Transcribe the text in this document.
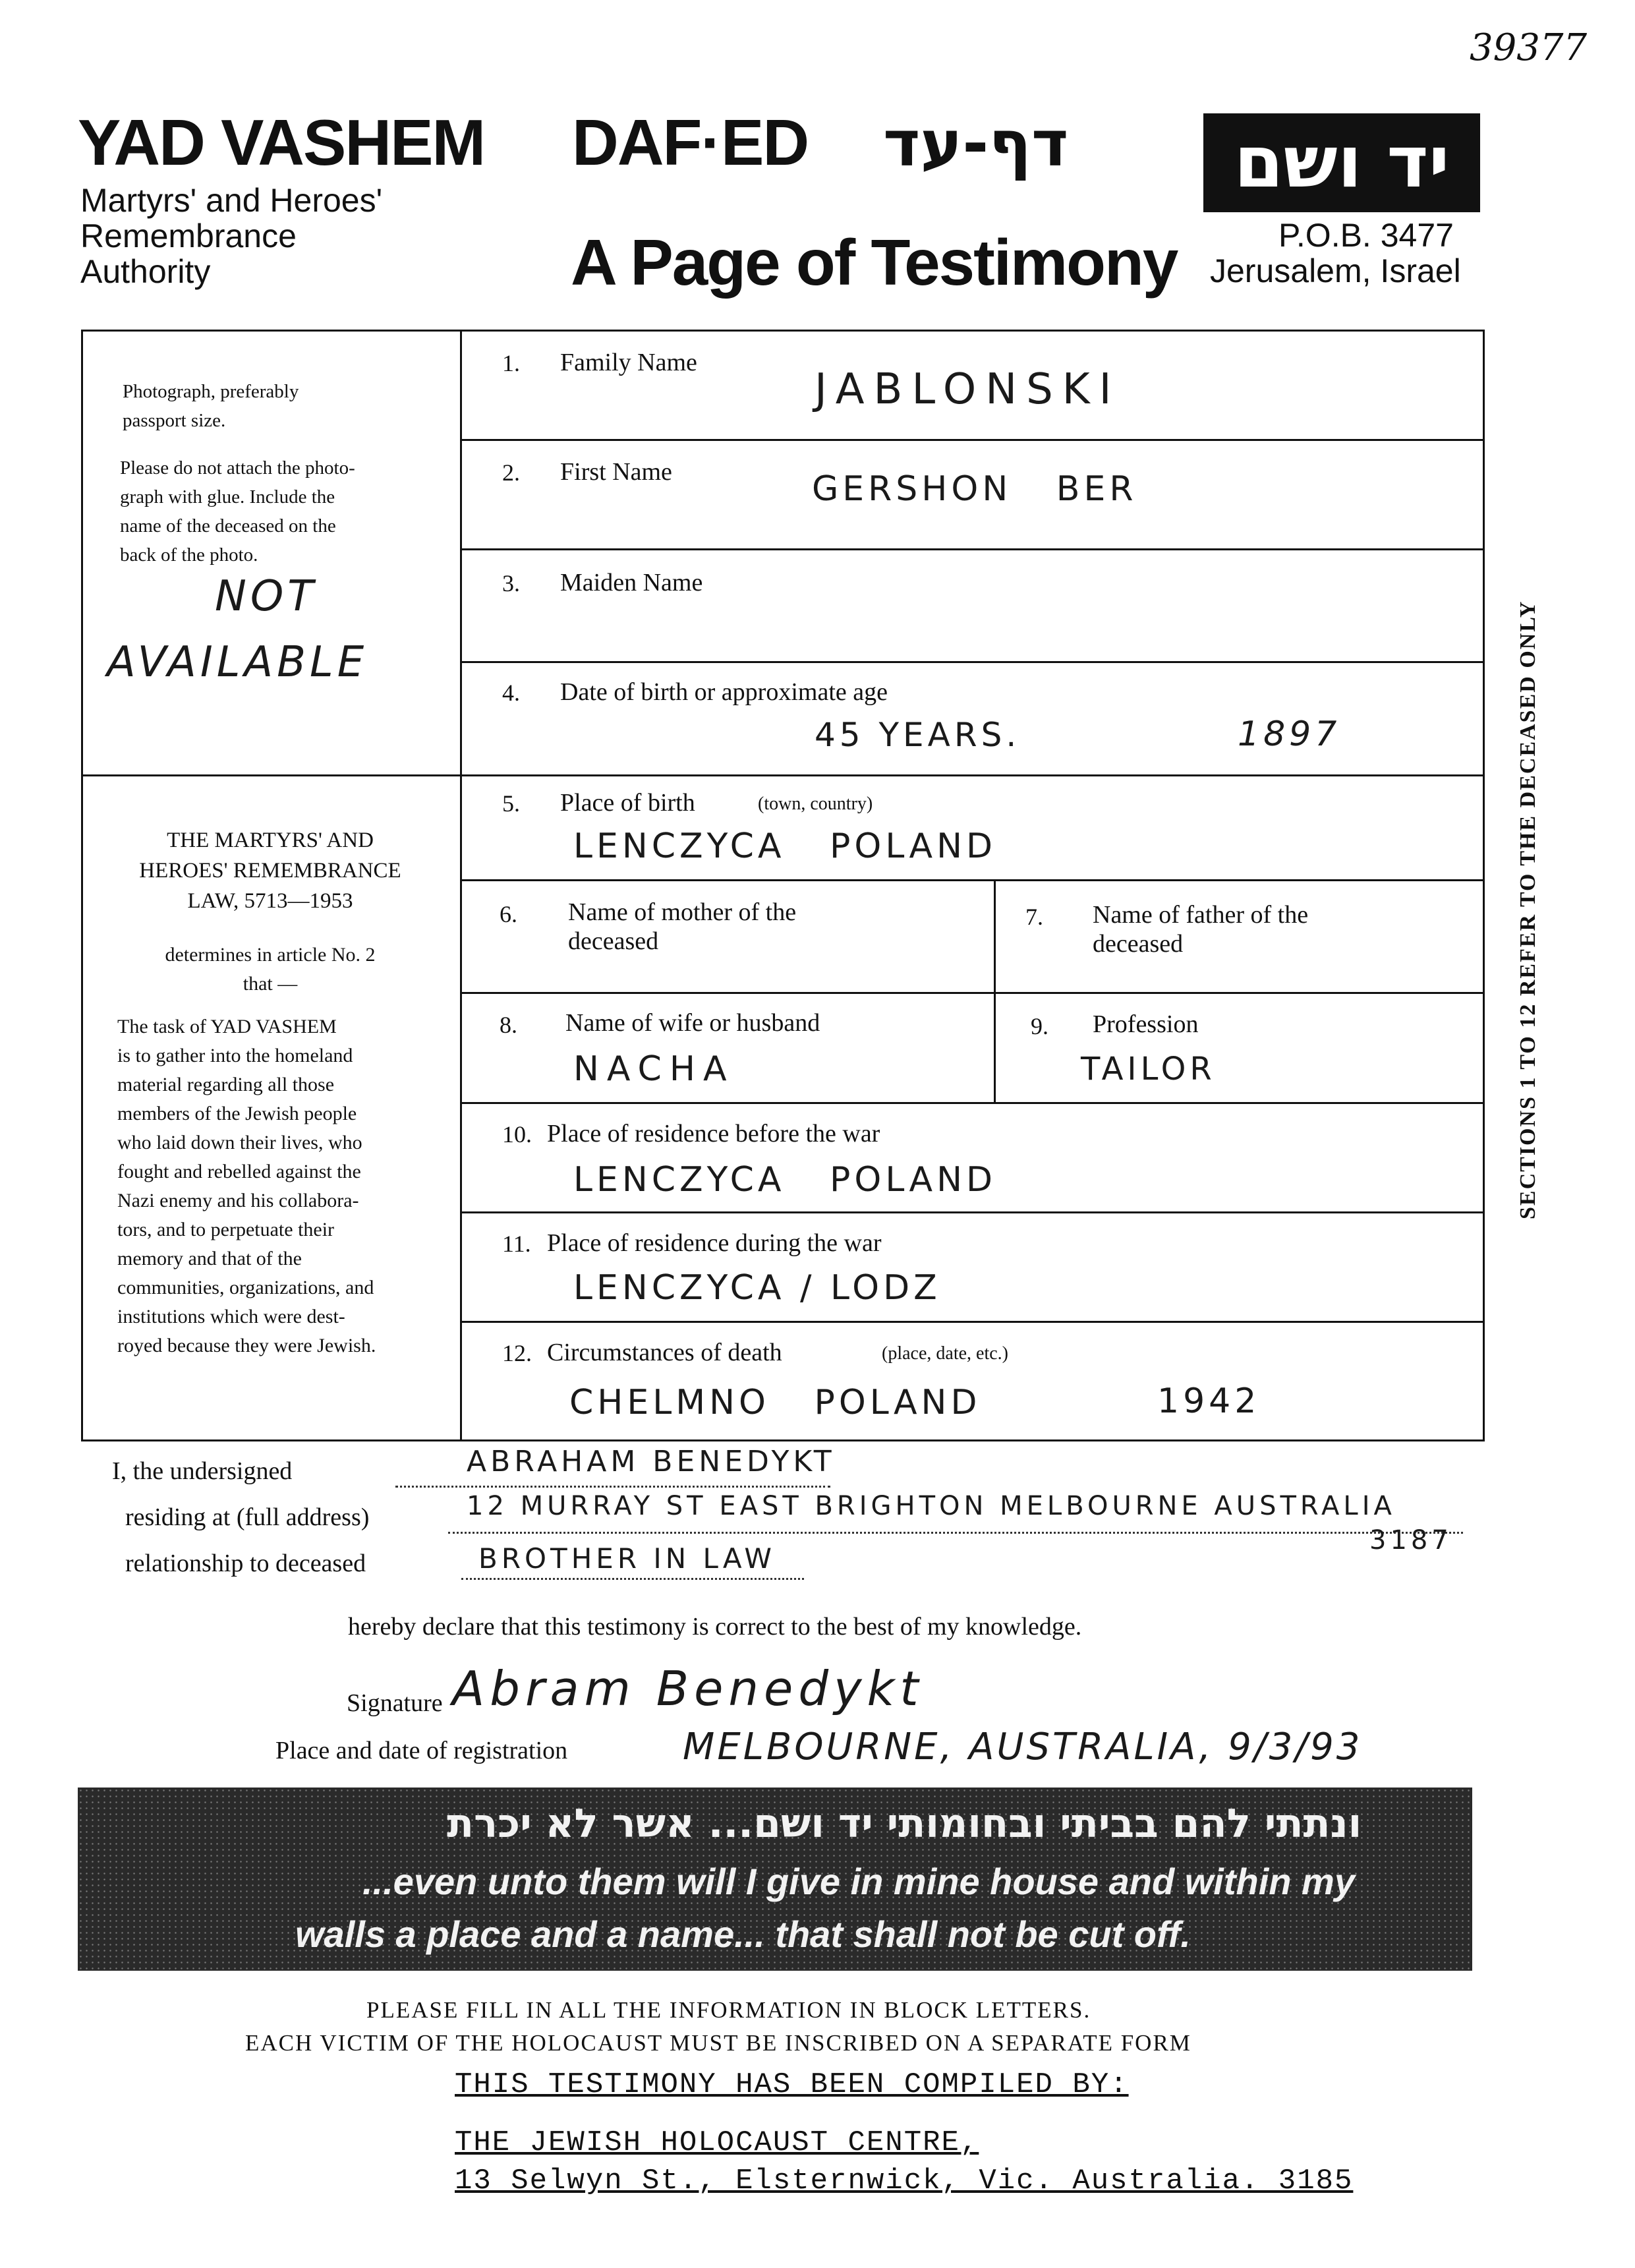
39377
YAD VASHEM
Martyrs' and Heroes'
Remembrance
Authority
DAF·ED דף-עד
A Page of Testimony
יד ושם
P.O.B. 3477
Jerusalem, Israel
Photograph, preferably
passport size.
Please do not attach the photo-
graph with glue. Include the
name of the deceased on the
back of the photo.
NOT
AVAILABLE
THE MARTYRS' AND
HEROES' REMEMBRANCE
LAW, 5713—1953
determines in article No. 2
that —
The task of YAD VASHEM
is to gather into the homeland
material regarding all those
members of the Jewish people
who laid down their lives, who
fought and rebelled against the
Nazi enemy and his collabora-
tors, and to perpetuate their
memory and that of the
communities, organizations, and
institutions which were dest-
royed because they were Jewish.
1. Family Name
JABLONSKI
2. First Name	GERSHON   BER
3. Maiden Name
4. Date of birth or approximate age
45 YEARS.	1897
5. Place of birth	(town, country)
LENCZYCA   POLAND
6. Name of mother of the
deceased
7. Name of father of the
deceased
8. Name of wife or husband
NACHA
9. Profession
TAILOR
10. Place of residence before the war
LENCZYCA   POLAND
11. Place of residence during the war
LENCZYCA / LODZ
12. Circumstances of death	(place, date, etc.)
CHELMNO   POLAND	1942
SECTIONS 1 TO 12 REFER TO THE DECEASED ONLY
I, the undersigned	ABRAHAM BENEDYKT
residing at (full address)	12 MURRAY ST EAST BRIGHTON MELBOURNE AUSTRALIA
3187
relationship to deceased	BROTHER IN LAW
hereby declare that this testimony is correct to the best of my knowledge.
Signature Abram Benedykt
Place and date of registration	MELBOURNE, AUSTRALIA, 9/3/93
ונתתי להם בביתי ובחומותי יד ושם... אשר לא יכרת
...even unto them will I give in mine house and within my
walls a place and a name... that shall not be cut off.
PLEASE FILL IN ALL THE INFORMATION IN BLOCK LETTERS.
EACH VICTIM OF THE HOLOCAUST MUST BE INSCRIBED ON A SEPARATE FORM
THIS TESTIMONY HAS BEEN COMPILED BY:
THE JEWISH HOLOCAUST CENTRE,
13 Selwyn St., Elsternwick, Vic. Australia. 3185
